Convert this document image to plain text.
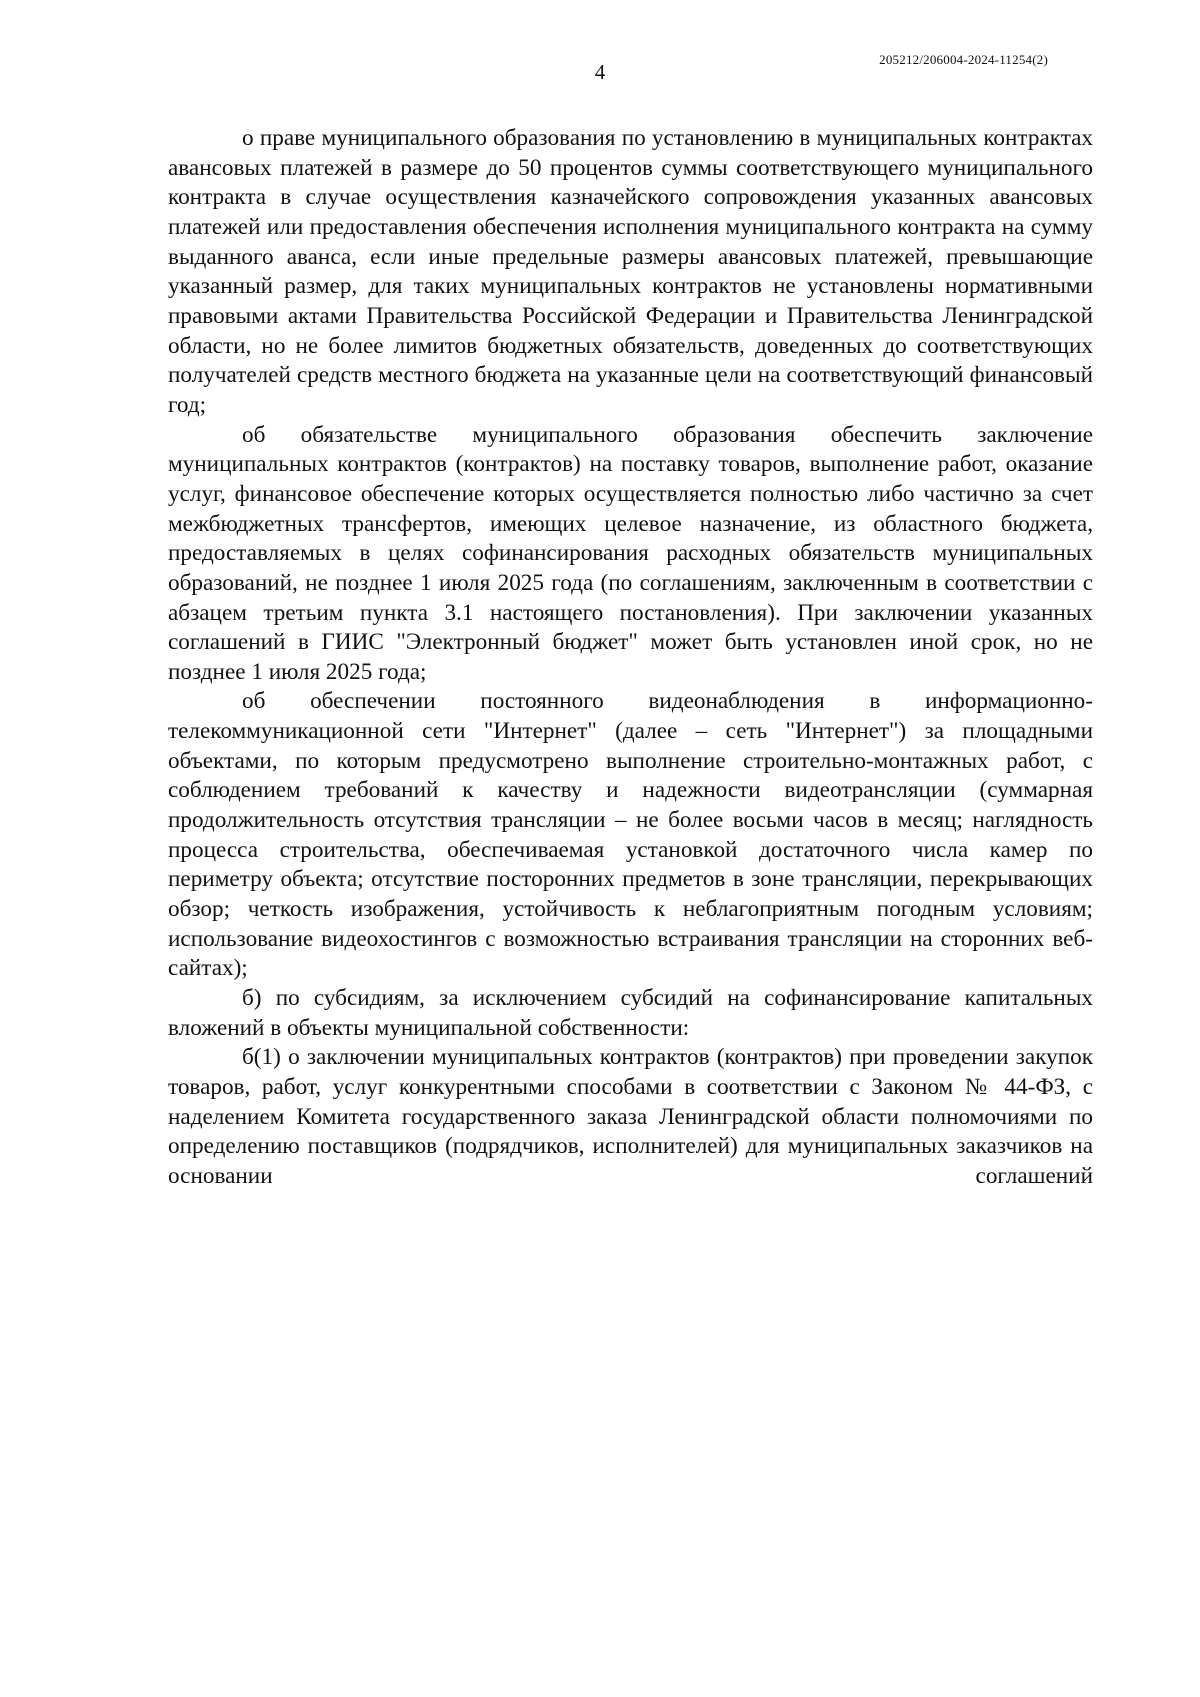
205212/206004-2024-11254(2)
4

о праве муниципального образования по установлению в муниципальных контрактах авансовых платежей в размере до 50 процентов суммы соответствующего муниципального контракта в случае осуществления казначейского сопровождения указанных авансовых платежей или предоставления обеспечения исполнения муниципального контракта на сумму выданного аванса, если иные предельные размеры авансовых платежей, превышающие указанный размер, для таких муниципальных контрактов не установлены нормативными правовыми актами Правительства Российской Федерации и Правительства Ленинградской области, но не более лимитов бюджетных обязательств, доведенных до соответствующих получателей средств местного бюджета на указанные цели на соответствующий финансовый год;

об обязательстве муниципального образования обеспечить заключение муниципальных контрактов (контрактов) на поставку товаров, выполнение работ, оказание услуг, финансовое обеспечение которых осуществляется полностью либо частично за счет межбюджетных трансфертов, имеющих целевое назначение, из областного бюджета, предоставляемых в целях софинансирования расходных обязательств муниципальных образований, не позднее 1 июля 2025 года (по соглашениям, заключенным в соответствии с абзацем третьим пункта 3.1 настоящего постановления). При заключении указанных соглашений в ГИИС "Электронный бюджет" может быть установлен иной срок, но не позднее 1 июля 2025 года;

об обеспечении постоянного видеонаблюдения в информационно-телекоммуникационной сети "Интернет" (далее – сеть "Интернет") за площадными объектами, по которым предусмотрено выполнение строительно-монтажных работ, с соблюдением требований к качеству и надежности видеотрансляции (суммарная продолжительность отсутствия трансляции – не более восьми часов в месяц; наглядность процесса строительства, обеспечиваемая установкой достаточного числа камер по периметру объекта; отсутствие посторонних предметов в зоне трансляции, перекрывающих обзор; четкость изображения, устойчивость к неблагоприятным погодным условиям; использование видеохостингов с возможностью встраивания трансляции на сторонних веб-сайтах);

б) по субсидиям, за исключением субсидий на софинансирование капитальных вложений в объекты муниципальной собственности:

б(1) о заключении муниципальных контрактов (контрактов) при проведении закупок товаров, работ, услуг конкурентными способами в соответствии с Законом № 44-ФЗ, с наделением Комитета государственного заказа Ленинградской области полномочиями по определению поставщиков (подрядчиков, исполнителей) для муниципальных заказчиков на основании соглашений
